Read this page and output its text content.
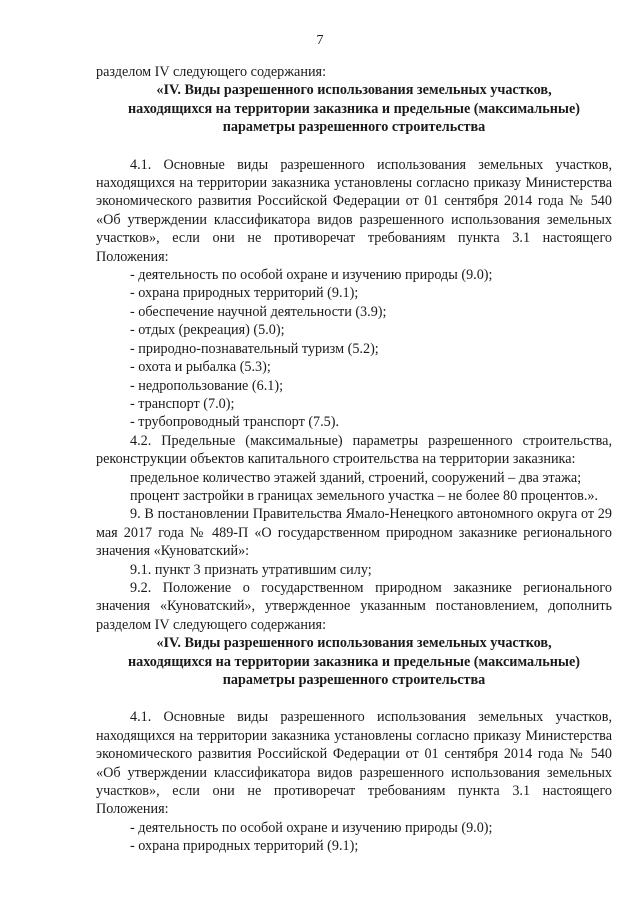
7

разделом IV следующего содержания:

«IV. Виды разрешенного использования земельных участков,

находящихся на территории заказника и предельные (максимальные)

параметры разрешенного строительства

4.1. Основные виды разрешенного использования земельных участков, находящихся на территории заказника установлены согласно приказу Министерства экономического развития Российской Федерации от 01 сентября 2014 года № 540 «Об утверждении классификатора видов разрешенного использования земельных участков», если они не противоречат требованиям пункта 3.1 настоящего Положения:

- деятельность по особой охране и изучению природы (9.0);

- охрана природных территорий (9.1);

- обеспечение научной деятельности (3.9);

- отдых (рекреация) (5.0);

- природно-познавательный туризм (5.2);

- охота и рыбалка (5.3);

- недропользование (6.1);

- транспорт (7.0);

- трубопроводный транспорт (7.5).

4.2. Предельные (максимальные) параметры разрешенного строительства, реконструкции объектов капитального строительства на территории заказника:

предельное количество этажей зданий, строений, сооружений – два этажа;

процент застройки в границах земельного участка – не более 80 процентов.».

9. В постановлении Правительства Ямало-Ненецкого автономного округа от 29 мая 2017 года № 489-П «О государственном природном заказнике регионального значения «Куноватский»:

9.1. пункт 3 признать утратившим силу;

9.2. Положение о государственном природном заказнике регионального значения «Куноватский», утвержденное указанным постановлением, дополнить разделом IV следующего содержания:

«IV. Виды разрешенного использования земельных участков,

находящихся на территории заказника и предельные (максимальные)

параметры разрешенного строительства

4.1. Основные виды разрешенного использования земельных участков, находящихся на территории заказника установлены согласно приказу Министерства экономического развития Российской Федерации от 01 сентября 2014 года № 540 «Об утверждении классификатора видов разрешенного использования земельных участков», если они не противоречат требованиям пункта 3.1 настоящего Положения:

- деятельность по особой охране и изучению природы (9.0);

- охрана природных территорий (9.1);
